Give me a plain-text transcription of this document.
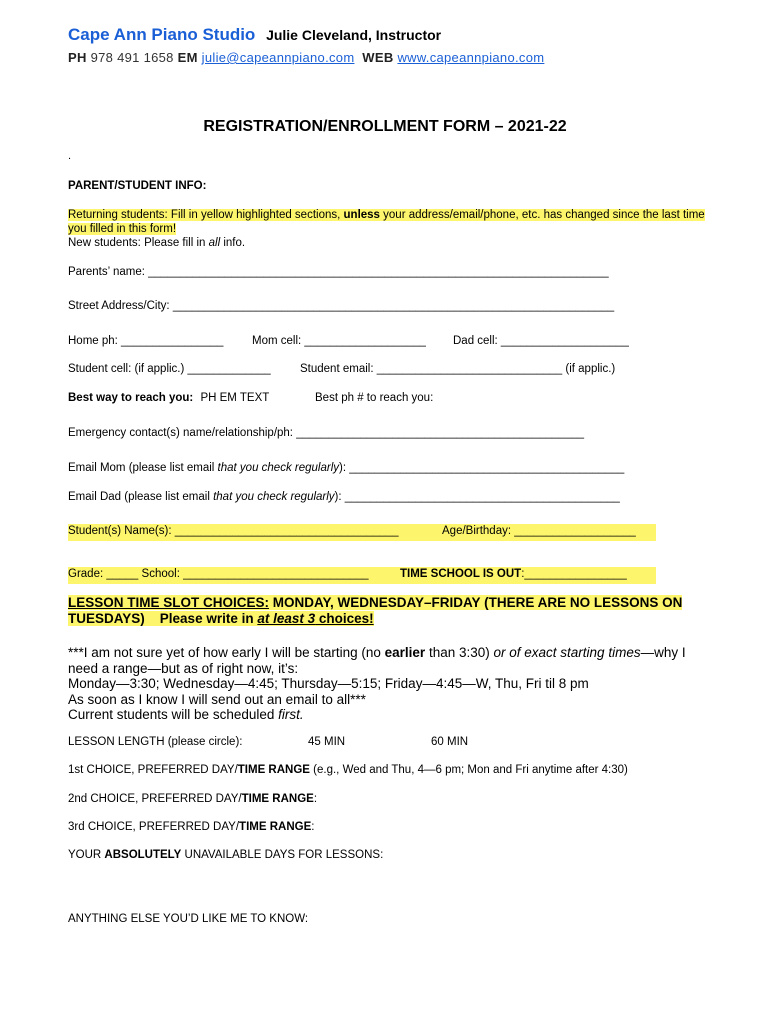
Cape Ann Piano Studio Julie Cleveland, Instructor
PH 978 491 1658 EM julie@capeannpiano.com WEB www.capeannpiano.com
REGISTRATION/ENROLLMENT FORM – 2021-22
.
PARENT/STUDENT INFO:
Returning students: Fill in yellow highlighted sections, unless your address/email/phone, etc. has changed since the last time you filled in this form!
New students: Please fill in all info.
Parents’ name: ________________________________________________________________________
Street Address/City: _____________________________________________________________________
Home ph: ________________ Mom cell: ___________________ Dad cell: ____________________
Student cell: (if applic.) _____________	Student email: _____________________________ (if applic.)
Best way to reach you: PH EM TEXT	Best ph # to reach you:
Emergency contact(s) name/relationship/ph: _____________________________________________
Email Mom (please list email that you check regularly): ___________________________________________
Email Dad (please list email that you check regularly): ___________________________________________
Student(s) Name(s): ___________________________________	Age/Birthday: ___________________
Grade: _____ School: _____________________________	TIME SCHOOL IS OUT:________________
LESSON TIME SLOT CHOICES: MONDAY, WEDNESDAY–FRIDAY (THERE ARE NO LESSONS ON TUESDAYS)    Please write in at least 3 choices!
***I am not sure yet of how early I will be starting (no earlier than 3:30) or of exact starting times—why I need a range—but as of right now, it’s:
Monday—3:30; Wednesday—4:45; Thursday—5:15; Friday—4:45—W, Thu, Fri til 8 pm
As soon as I know I will send out an email to all***
Current students will be scheduled first.
LESSON LENGTH (please circle):	45 MIN	60 MIN
1st CHOICE, PREFERRED DAY/TIME RANGE (e.g., Wed and Thu, 4—6 pm; Mon and Fri anytime after 4:30)
2nd CHOICE, PREFERRED DAY/TIME RANGE:
3rd CHOICE, PREFERRED DAY/TIME RANGE:
YOUR ABSOLUTELY UNAVAILABLE DAYS FOR LESSONS:
ANYTHING ELSE YOU’D LIKE ME TO KNOW:
